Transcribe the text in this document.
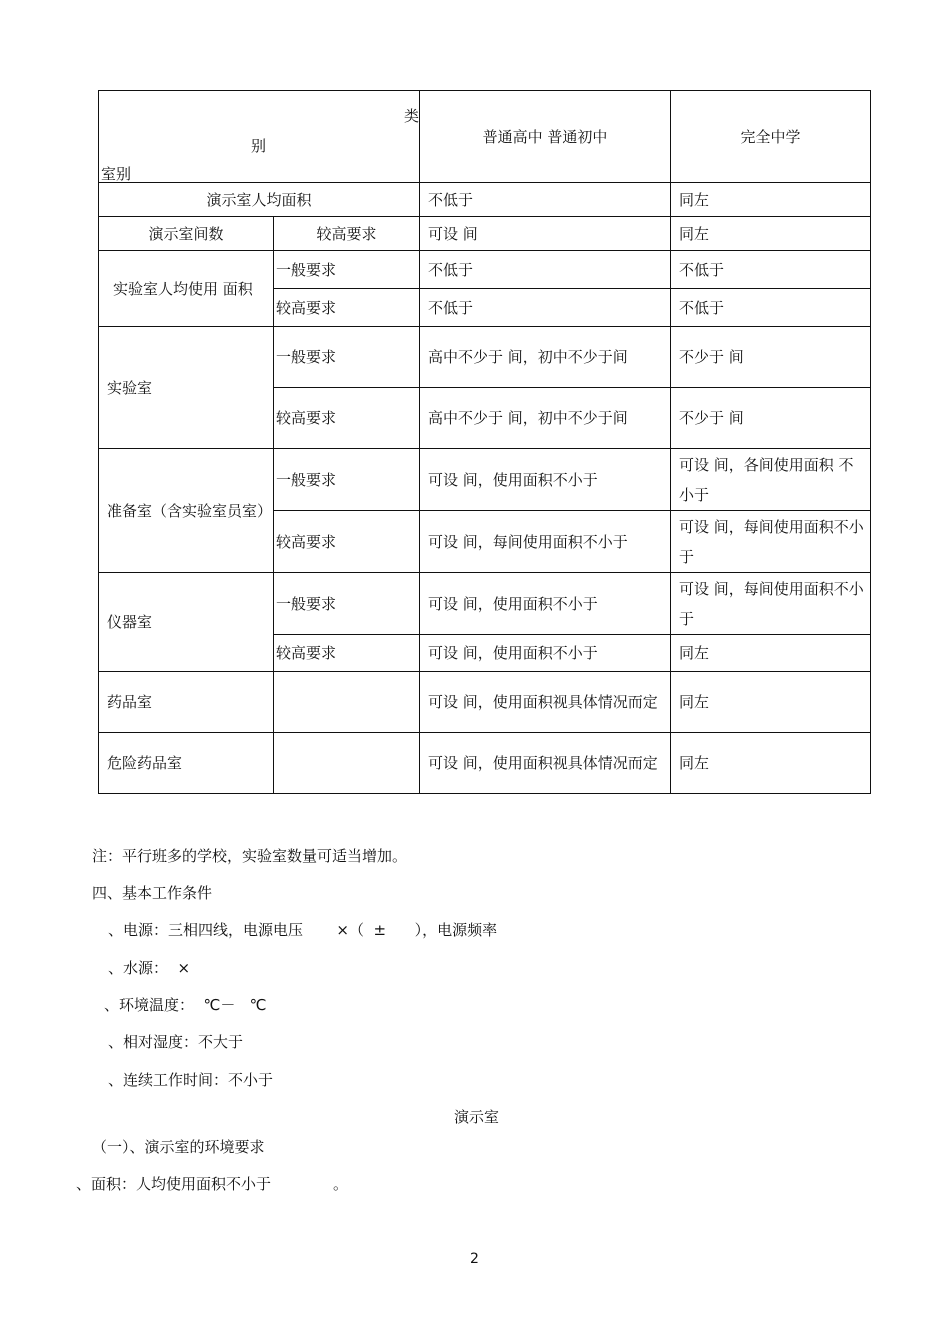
类
别
室别		普通高中 普通初中	完全中学
演示室人均面积		不低于	同左
演示室间数	较高要求	可设 间	同左
实验室人均使用 面积	一般要求	不低于	不低于
	较高要求	不低于	不低于
实验室	一般要求	高中不少于 间，初中不少于间	不少于 间
	较高要求	高中不少于 间，初中不少于间	不少于 间
准备室（含实验室员室）	一般要求	可设 间，使用面积不小于	可设 间，各间使用面积 不小于
	较高要求	可设 间，每间使用面积不小于	可设 间，每间使用面积不小于
仪器室	一般要求	可设 间，使用面积不小于	可设 间，每间使用面积不小于
	较高要求	可设 间，使用面积不小于	同左
药品室		可设 间，使用面积视具体情况而定	同左
危险药品室		可设 间，使用面积视具体情况而定	同左
注：平行班多的学校，实验室数量可适当增加。
四、基本工作条件
、电源：三相四线，电源电压       ×（  ±      ），电源频率
、水源：  ×
、环境温度：  ℃－   ℃
、相对湿度：不大于
、连续工作时间：不小于
演示室
（一）、演示室的环境要求
、面积：人均使用面积不小于             。
2
